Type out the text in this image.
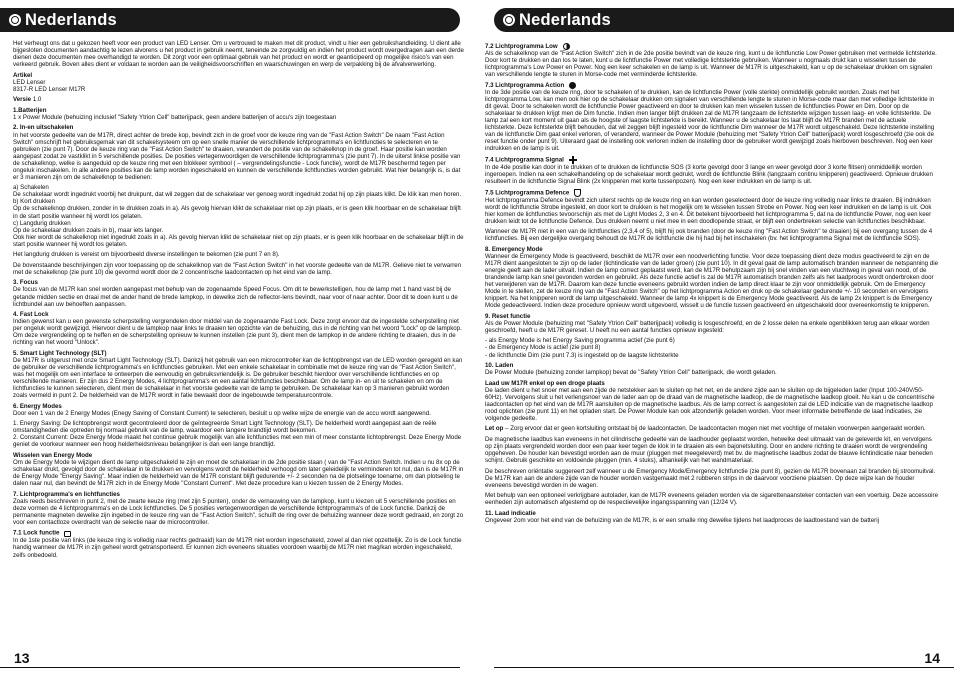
Nederlands

Het verheugt ons dat u gekozen heeft voor een product van LED Lenser. Om u vertrouwd te maken met dit product, vindt u hier een gebruikshandleiding. U dient alle bijgesloten documenten aandachtig te lezen alvorens u het product in gebruik neemt, teneinde ze zorgvuldig en indien het product wordt overgedragen aan een derde dienen deze documenten mee overhandigd te worden. Dit zorgt voor een optimaal gebruik van het product en wordt er geanticipeerd op mogelijke risico's van een verkeerd gebruik. Boven alles dient er voldaan te worden aan de veiligheidsvoorschriften en waarschuwingen en werp de verpakking bij de afvalverwerking.

Artikel

LED Lenser
8317-R LED Lenser M17R

Versie 1.0

1.Batterijen

1 x Power Module (behuizing inclusief "Safety Ytrion Cell" batterijpack, geen andere batterijen of accu's zijn toegestaan

2. In-en uitschakelen

In het voorste gedeelte van de M17R, direct achter de brede kop, bevindt zich in de groef voor de keuze ring van de "Fast Action Switch" De naam "Fast Action Switch" omschrijft het gebruiksgemak van dit schakelsysteem om op een snelle manier de verschillende lichtprogramma's en lichtfuncties te selecteren en te gebruiken (zie punt 7). Door de keuze ring van de "Fast Action Switch" te draaien, verandert de positie van de schakelknop in de groef. Haar positie kan worden aangepast zodat ze vastklikt in 5 verschillende posities. De posities vertegenwoordigen de verschillende lichtprogramma's (zie punt 7). In de uiterst linkse positie van de schakelknop, welke is aangeduid op de keuze ring met een blokkeer symbool ( – vergrendelingsfunctie - Lock functie), wordt de M17R beschermd tegen per ongeluk inschakelen. In alle andere posities kan de lamp worden ingeschakeld en kunnen de verschillende lichtfuncties worden gebruikt. Wat hier belangrijk is, is dat er 3 manieren zijn om de schakelknop te bedienen:

a) Schakelen
De schakelaar wordt ingedrukt voorbij het drukpunt, dat wil zeggen dat de schakelaar ver genoeg wordt ingedrukt zodat hij op zijn plaats klikt. De klik kan men horen.
b) Kort drukken
Op de schakelknop drukken, zonder in te drukken zoals in a). Als gevolg hiervan klikt de schakelaar niet op zijn plaats, er is geen klik hoorbaar en de schakelaar blijft in de start positie wanneer hij wordt los gelaten.
c) Langdurig drukken
Op de schakelaar drukken zoals in b), maar iets langer.
Ook hier wordt de schakelknop niet ingedrukt zoals in a). Als gevolg hiervan klikt de schakelaar niet op zijn plaats, er is geen klik hoorbaar en de schakelaar blijft in de start positie wanneer hij wordt los gelaten.

Het langdurig drukken is vereist om bijvoorbeeld diverse instellingen te bekomen (zie punt 7 en 8).

De bovenstaande beschrijvingen zijn voor toepassing op de schakelknop van de "Fast Action Switch" in het voorste gedeelte van de M17R. Gelieve niet te verwarren met de schakelknop (zie punt 10) die gevormd wordt door de 2 concentrische laadcontacten op het eind van de lamp.

3. Focus

De focus van de M17R kan snel worden aangepast met behulp van de zogenaamde Speed Focus. Om dit te bewerkstelligen, hou de lamp met 1 hand vast bij de getande midden sectie en draai met de ander hand de brede lampkop, in dewelke zich de reflector-lens bevindt, naar voor of naar achter. Door dit te doen kunt u de lichtbundel aan uw behoeften aanpassen.

4. Fast Lock

Indien gewenst kan u een gewenste scherpstelling vergrendelen door middel van de zogenaamde Fast Lock. Deze zorgt ervoor dat de ingestelde scherpstelling niet per ongeluk wordt gewijzigd. Hiervoor dient u de lampkop naar links te draaien ten opzichte van de behuizing, dus in de richting van het woord "Lock" op de lampkop. Om deze vergrendeling op te heffen en de scherpstelling opnieuw te kunnen instellen (zie punt 3), dient men de lampkop in de andere richting te draaien, dus in de richting van het woord "Unlock".

5. Smart Light Technology (SLT)

De M17R is uitgerust met onze Smart Light Technology (SLT). Dankzij het gebruik van een microcontroller kan de lichtopbrengst van de LED worden geregeld en kan de gebruiker de verschillende lichtprogramma's en lichtfuncties gebruiken. Met een enkele schakelaar in combinatie met de keuze ring van de "Fast Action Switch", was het mogelijk om een interface te ontwerpen die eenvoudig en gebruiksvriendelijk is. De gebruiker beschikt hierdoor over verschillende lichtfuncties en op verschillende manieren. Er zijn dus 2 Energy Modes, 4 lichtprogramma's en een aantal lichtfuncties beschikbaar. Om de lamp in- en uit te schakelen en om de lichtfuncties te kunnen selecteren, dient men de schakelaar in het voorste gedeelte van de lamp te gebruiken. De schakelaar kan op 3 manieren gebruikt worden zoals vermeld in punt 2. De helderheid van de M17R wordt in fatie bewaakt door de ingebouwde temperatuurcontrole.

6. Energy Modes

Door een 1 van de 2 Energy Modes (Enegy Saving of Constant Current) te selecteren, besluit u op welke wijze de energie van de accu wordt aangewend.

1. Energy Saving: De lichtopbrengst wordt gecontroleerd door de geïntegreerde Smart Light Technology (SLT). De helderheid wordt aangepast aan de reële omstandigheden die optreden bij normaal gebruik van de lamp, waardoor een langere brandtijd wordt bekomen.
2. Constant Current: Deze Energy Mode maakt het continue gebruik mogelijk van alle lichtfuncties met een min of meer constante lichtopbrengst. Deze Energy Mode geniet de voorkeur wanneer een hoog helderheidsniveau belangrijker is dan een lange brandtijd.

Wisselen van Energy Mode

Om de Energy Mode te wijzigen dient de lamp uitgeschakeld te zijn en moet de schakelaar in de 2de positie staan ( van de "Fast Action Switch. Indien u nu 8x op de schakelaar drukt, gevolgd door de schakelaar in te drukken en vervolgens wordt de helderheid verhoogd om later geleidelijk te verminderen tot nul, dan is de M17R in de Energy Mode "Energy Saving". Maar indien de helderheid van de M17R constant blijft gedurende +/- 2 seconden na de plotselinge toename, om dan plotseling te dalen naar nul, dan bevindt de M17R zich in de Energy Mode "Constant Current". Met deze procedure kan u kiezen tussen de 2 Energy Modes.

7. Lichtprogramma's en lichtfuncties

Zoals reeds beschreven in punt 2, met de zwarte keuze ring (met zijn 5 punten), onder de vernauwing van de lampkop, kunt u kiezen uit 5 verschillende posities en deze vormen de 4 lichtprogramma's en de Lock lichtfuncties. De 5 posities vertegenwoordigen de verschillende lichtprogramma's of de Lock functie. Dankzij de permanente magneten dewelke zijn ingebed in de keuze ring van de "Fast Action Switch", schuift de ring over de behuizing wanneer deze wordt gedraaid, en zorgt zo voor een contactloze overdracht van de selectie naar de microcontroller.

7.1 Lock functie

In de 1ste positie van links (de keuze ring is volledig naar rechts gedraaid) kan de M17R niet worden ingeschakeld, zowel al dan niet opzettelijk. Zo is de Lock functie handig wanneer de M17R in zijn geheel wordt getransporteerd. Er kunnen zich eveneens situaties voordoen waarbij de M17R niet mag/kan worden ingeschakeld, zelfs onbedoeld.

13
Nederlands
7.2 Lichtprogramma Low

Als de schakelknop van de "Fast Action Switch" zich in de 2de positie bevindt van de keuze ring, kunt u de lichtfunctie Low Power gebruiken met vermelde lichtsterkte. Door kort te drukken en dan los te laten, kunt u de lichtfunctie Power met volledige lichtsterkte gebruiken. Wanneer u nogmaals drukt kan u wisselen tussen de lichtprogramma's Low Power en Power. Nog een keer schakelen en de lamp is uit. Wanneer de M17R is uitgeschakeld, kan u op de schakelaar drukken om signalen van verschillende lengte te sturen in Morse-code met verminderde lichtsterkte.

7.3 Lichtprogramma Action

In de 3de positie van de keuze ring, door te schakelen of te drukken, kan de lichtfunctie Power (volle sterkte) onmiddellijk gebruikt worden. Zoals met het lichtprogramma Low, kan men ook hier op de schakelaar drukken om signalen van verschillende lengte te sturen in Morse-code maar dan met volledige lichtsterkte in dit geval. Door te schakelen wordt de lichtfunctie Power geactiveerd en door te drukken kan men wisselen tussen de lichtfuncties Power en Dim. Door op de schakelaar te drukken krijgt men de Dim functie. Indien men langer blijft drukken zal de M17R langzaam de lichtsterkte wijzigen tussen laag- en volle lichtsterkte. De lamp zal een kort moment uit gaan als de hoogste of laagste lichtsterkte is bereikt. Wanneer u de schakelaar los laat blijft de M17R branden met de actuele lichtsterkte. Deze lichtsterkte blijft behouden, dat wil zeggen blijft ingesteld voor de lichtfunctie Dim wanneer de M17R wordt uitgeschakeld. Deze lichtsterkte instelling van de lichtfunctie Dim gaat enkel verloren, of veranderd, wanneer de Power Module (behuizing met "Safety Ytrion Cell" batterijpack) wordt losgeschroefd (zie ook de reset functie onder punt 9). Uiteraard gaat de instelling ook verloren indien de instelling door de gebruiker wordt gewijzigd zoals hierboven beschreven. Nog een keer indrukken en de lamp is uit.

7.4 Lichtprogramma Signal

In de 4de positie kan door in te drukken of te drukken de lichtfunctie SOS (3 korte gevolgd door 3 lange en weer gevolgd door 3 korte flitsen) onmiddellijk worden ingeroepen. Indien na een schakelhandeling op de schakelaar wordt gedrukt, wordt de lichtfunctie Blink (langzaam continu knipperen) geactiveerd. Opnieuw drukken resulteert in de lichtfunctie Signal Blink (2x knipperen met korte tussenpozen). Nog een keer indrukken en de lamp is uit.

7.5 Lichtprogramma Defence

Het lichtprogramma Defence bevindt zich uiterst rechts op de keuze ring en kan worden geselecteerd door de keuze ring volledig naar links te draaien. Bij indrukken wordt de lichtfunctie Strobe ingesteld, en door kort te drukken is het mogelijk om te wisselen tussen Strobe en Power. Nog een keer indrukken en de lamp is uit. Ook hier komen de lichtfuncties tevoorschijn als met de Light Modes 2, 3 en 4. Dit betekent bijvoorbeeld het lichtprogramma 5, dat na de lichtfunctie Power, nog een keer drukken leidt tot de lichtfunctie Defence. Dus drukken neemt u niet mee in een doodlopende straat, er blijft een onderbreken selectie van lichtfuncties beschikbaar.

Wanneer de M17R niet in een van de lichtfuncties (2,3,4 of 5), blijft hij ook branden (door de keuze ring "Fast Action Switch" te draaien) bij een overgang tussen de 4 lichtfuncties. Bij een dergelijke overgang behoudt de M17R de lichtfunctie die hij had bij het inschakelen (bv. het lichtprogramma Signal met de lichtfunctie SOS).

8. Emergency Mode

Wanneer de Emergency Mode is geactiveerd, beschikt de M17R over een noodverlichting functie. Voor deze toepassing dient deze modus geactiveerd te zijn en de M17R dient aangesloten te zijn op de lader (lichtindicatie van de lader groen) (zie punt 10). In dit geval gaat de lamp automatisch branden wanneer de netspanning die energie geeft aan de lader uitvalt. Indien de lamp correct geplaatst werd, kan de M17R behulpzaam zijn bij snel vinden van een vluchtweg in geval van nood, of de brandende lamp kan snel gevonden worden en gebruikt. Als deze functie actief is zal de M17R automatisch branden zelfs als het laadproces wordt onderbroken door het verwijderen van de M17R. Daarom kan deze functie eveneens gebruikt worden indien de lamp direct klaar te zijn voor onmiddellijk gebruik. Om de Emergency Mode in te stellen, zet de keuze ring van de "Fast Action Switch" op het lichtprogramma Action en druk op de schakelaar gedurende +/- 10 seconden en vervolgens knippert. Na het knipperen wordt de lamp uitgeschakeld. Wanneer de lamp 4x knippert is de Emergency Mode geactiveerd. Als de lamp 2x knippert is de Emergency Mode gedeactiveerd. Indien deze procedure opnieuw wordt uitgevoerd, wisselt u de functie tussen geactiveerd en uitgeschakeld door overeenkomstig te knipperen.

9. Reset functie

Als de Power Module (behuizing met "Safety Ytrion Cell" batterijpack) volledig is losgeschroefd, en de 2 losse delen na enkele ogenblikken terug aan elkaar worden geschroefd, heeft u de M17R gereset. U heeft nu een aantal functies opnieuw ingesteld:

- als Energy Mode is het Energy Saving programma actief (zie punt 6)
- de Emergency Mode is actief (zie punt 8)
- de lichtfunctie Dim (zie punt 7.3) is ingesteld op de laagste lichtsterkte

10. Laden

De Power Module (behuizing zonder lampkop) bevat de "Safety Ytrion Cell" batterijpack, die wordt geladen.

Laad uw M17R enkel op een droge plaats

De laden dient u het snoer met aan een zijde de netstekker aan te sluiten op het net, en de andere zijde aan te sluiten op de bijgeleden lader (Input 100-240V/50-60Hz). Vervolgens sluit u het verlengsnoer van de lader aan op de draad van de magnetische laadkop, die de magnetische laadkop gloeit. Nu kan u de concentrische laadcontacten op het eind van de M17R aansluiten op de magnetische laadbus. Als de lamp correct is aangesloten zal de LED indicatie van de magnetische laadkop rood oplichten (zie punt 11) en het opladen start. De Power Module kan ook afzonderlijk geladen worden. Voor meer informatie betreffende de laad indicaties, zie volgende gedeelte.

Let op – Zorg ervoor dat er geen kortsluiting ontstaat bij de laadcontacten. De laadcontacten mogen niet met vochtige of metalen voorwerpen aangeraakt worden.

De magnetische laadbus kan eveneens in het cilindrische gedeelte van de laadhouder geplaatst worden, hetwelke deel uitmaakt van de geleverde kit, en vervolgens op zijn plaats vergrendeld worden door een paar keer tegen de klok in te draaien als een bajonetsluiting. Door en andere richting te draaien wordt de vergrendeling opgeheven. De houder kan bevestigd worden aan de muur (pluggen met meegeleverd) met bv. de magnetische laadbus zodat de blauwe lichtindicatie naar beneden schijnt. Gebruik geschikte en voldoende pluggen (min. 4 stuks), afhankelijk van het wandmateriaal.

De beschreven oriëntatie suggereert zelf wanneer u de Emergency Mode/Emergency lichtfunctie (zie punt 8), gezien de M17R bovenaan zal branden bij stroomuitval. De M17R kan aan de andere zijde van de houder worden vastgemaakt met 2 rubberen strips in de daarvoor voorziene plaatsen. Op deze wijze kan de houder eveneens bevestigd worden in de wagen.

Met behulp van een optioneel verkrijgbare autolader, kan de M17R eveneens geladen worden via de sigarettenaansteker contacten van een voertuig. Deze accessoire eenheden zijn automatisch afgestemd op de respectievelijke ingangsspanning van (12/24 V).

11. Laad indicatie

Ongeveer 2om voor het eind van de behuizing van de M17R, is er een smalle ring dewelke tijdens het laadproces de laadtoestand van de batterij

14
